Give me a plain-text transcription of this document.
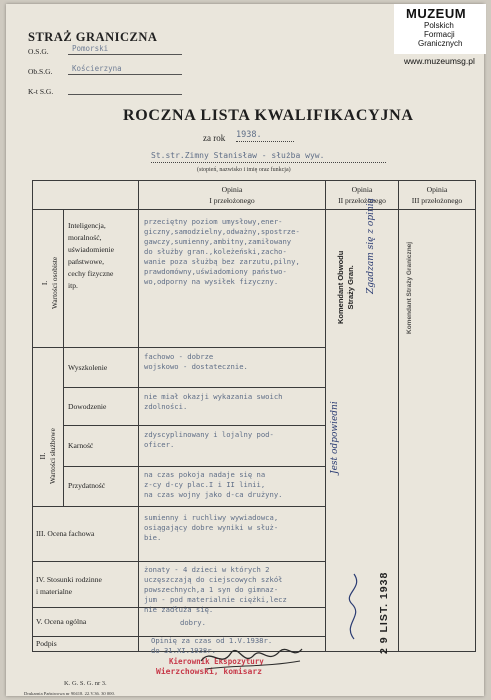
STRAŻ GRANICZNA
O.S.G.	Pomorski
Ob.S.G.	Kościerzyna
K-t S.G.
ROCZNA LISTA KWALIFIKACYJNA
za rok 1938.
St.str.Zimny Stanisław - służba wyw.
(stopień, nazwisko i imię oraz funkcja)
Opinia
I przełożonego
Opinia
II przełożonego
Opinia
III przełożonego
I.
Wartości osobiste
Inteligencja,
moralność,
uświadomienie
państwowe,
cechy fizyczne
itp.
przeciętny poziom umysłowy,ener-
giczny,samodzielny,odważny,spostrze-
gawczy,sumienny,ambitny,zamiłowany
do służby gran.,koleżeński,zacho-
wanie poza służbą bez zarzutu,pilny,
prawdomówny,uświadomiony państwo-
wo,odporny na wysiłek fizyczny.
II.
Wartości służbowe
Wyszkolenie
fachowo - dobrze
wojskowo - dostatecznie.
Dowodzenie
nie miał okazji wykazania swoich
zdolności.
Karność
zdyscyplinowany i lojalny pod-
oficer.
Przydatność
na czas pokoja nadaje się na
z-cy d-cy plac.I i II linii,
na czas wojny jako d-ca drużyny.
III. Ocena fachowa
sumienny i ruchliwy wywiadowca,
osiągający dobre wyniki w służ-
bie.
IV. Stosunki rodzinne
i materialne
żonaty - 4 dzieci w których 2
uczęszczają do ciejscowych szkół
powszechnych,a 1 syn do gimnaz-
jum - pod materialnie ciężki,lecz
nie zadłuża się.
V. Ocena ogólna	dobry.
Podpis	Opinię za czas od 1.V.1938r.
do 31.XI.1938r.
Kierownik Ekspozytury
Wierzchowski, komisarz
Komendant Obwodu
Straży Gran.
Jest odpowiedni
Zgadzam się z opinią	Komendant Straży Granicznej
2 9 LIST. 1938
K. G. S. G. nr 3.
Drukarnia Państwowa nr 90418. 22.V.36. 30 000.
MUZEUM
Polskich
Formacji
Granicznych
www.muzeumsg.pl
